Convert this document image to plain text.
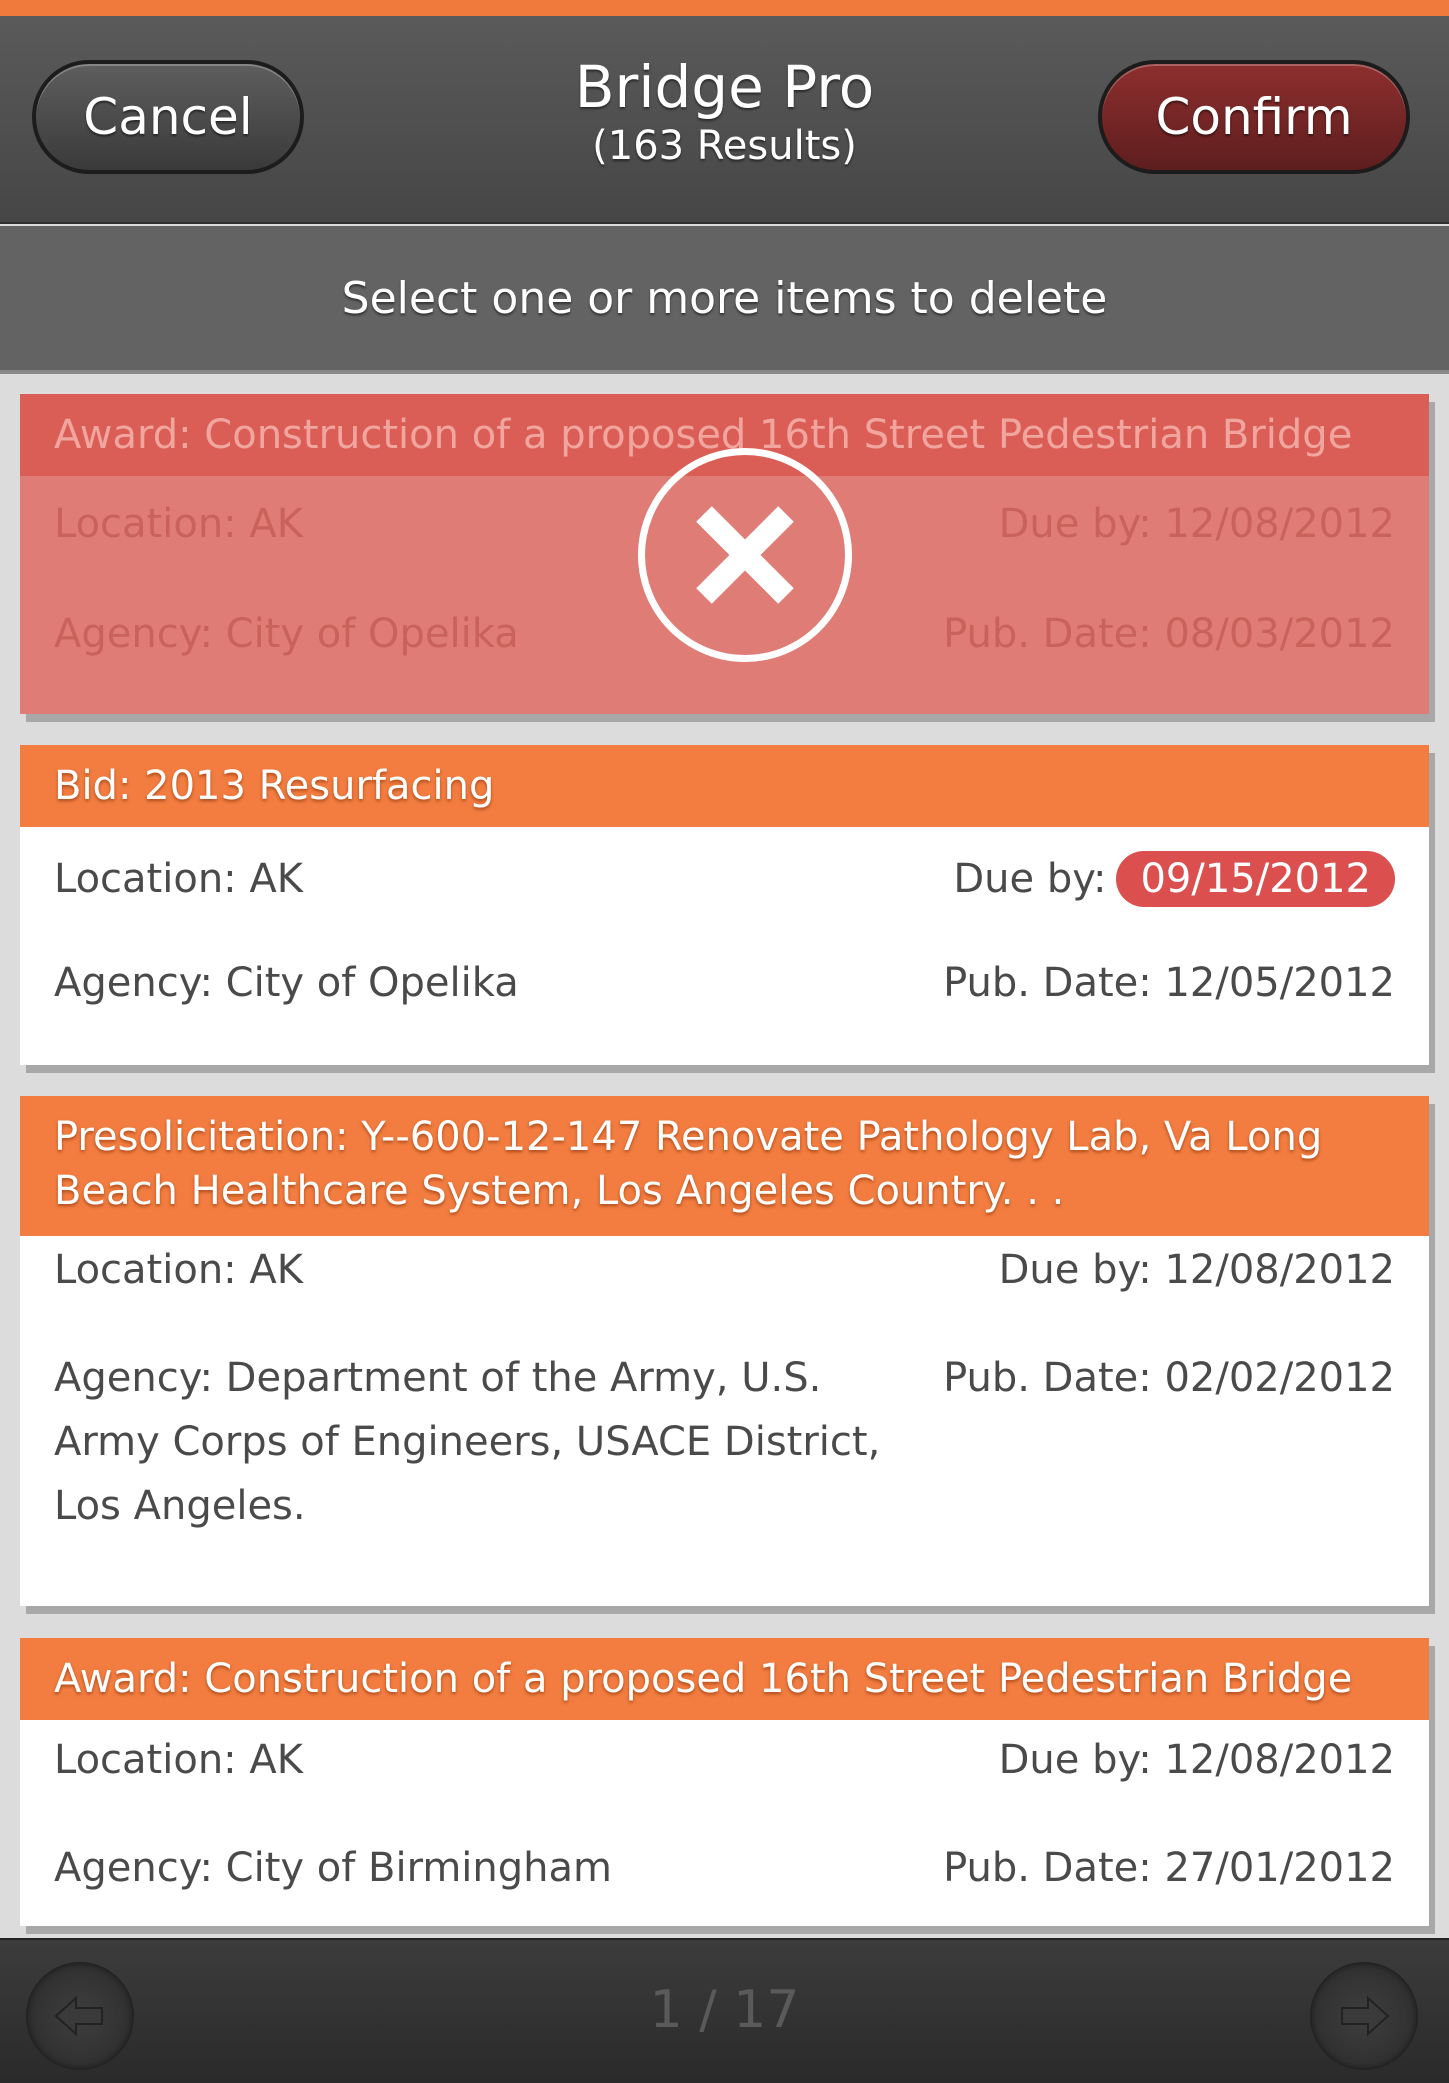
Cancel	Bridge Pro
(163 Results)	Confirm
Select one or more items to delete
Award: Construction of a proposed 16th Street Pedestrian Bridge
Location: AK	Due by: 12/08/2012
Agency: City of Opelika	Pub. Date: 08/03/2012
Bid: 2013 Resurfacing
Location: AK	Due by: 09/15/2012
Agency: City of Opelika	Pub. Date: 12/05/2012
Presolicitation: Y--600-12-147 Renovate Pathology Lab, Va Long Beach Healthcare System, Los Angeles Country. . .
Location: AK	Due by: 12/08/2012
Agency: Department of the Army, U.S. Army Corps of Engineers, USACE District, Los Angeles.
Pub. Date: 02/02/2012
Award: Construction of a proposed 16th Street Pedestrian Bridge
Location: AK	Due by: 12/08/2012
Agency: City of Birmingham	Pub. Date: 27/01/2012
1 / 17
